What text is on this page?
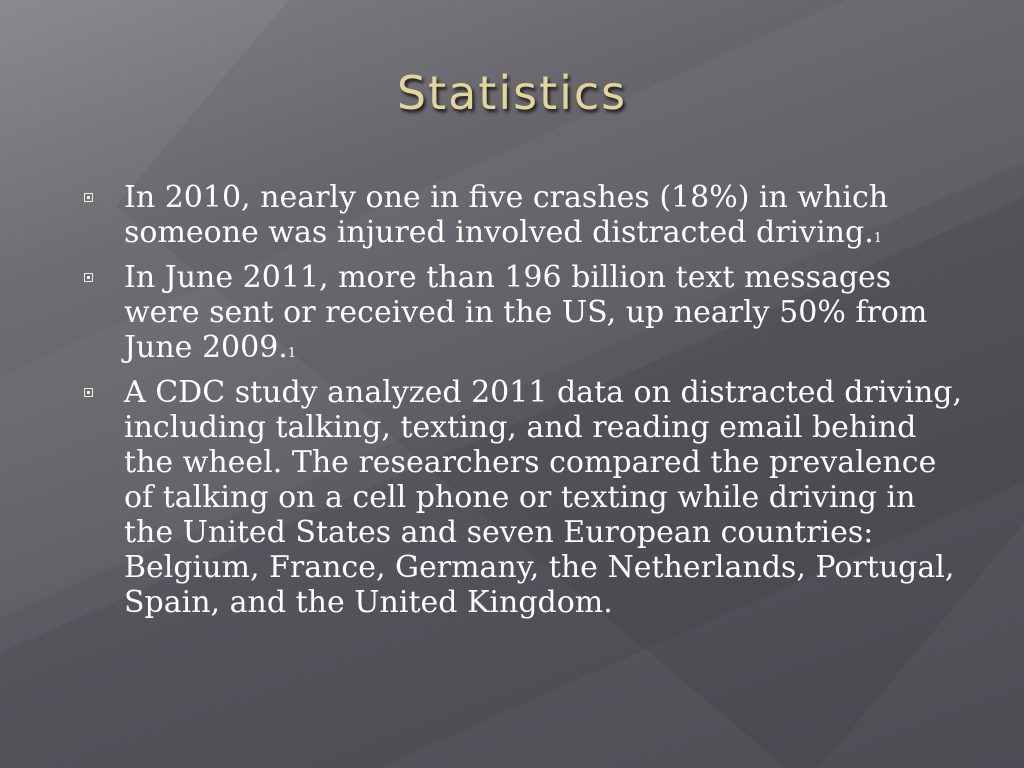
Statistics
In 2010, nearly one in five crashes (18%) in which someone was injured involved distracted driving.1
In June 2011, more than 196 billion text messages were sent or received in the US, up nearly 50% from June 2009.1
A CDC study analyzed 2011 data on distracted driving, including talking, texting, and reading email behind the wheel. The researchers compared the prevalence of talking on a cell phone or texting while driving in the United States and seven European countries: Belgium, France, Germany, the Netherlands, Portugal, Spain, and the United Kingdom.
